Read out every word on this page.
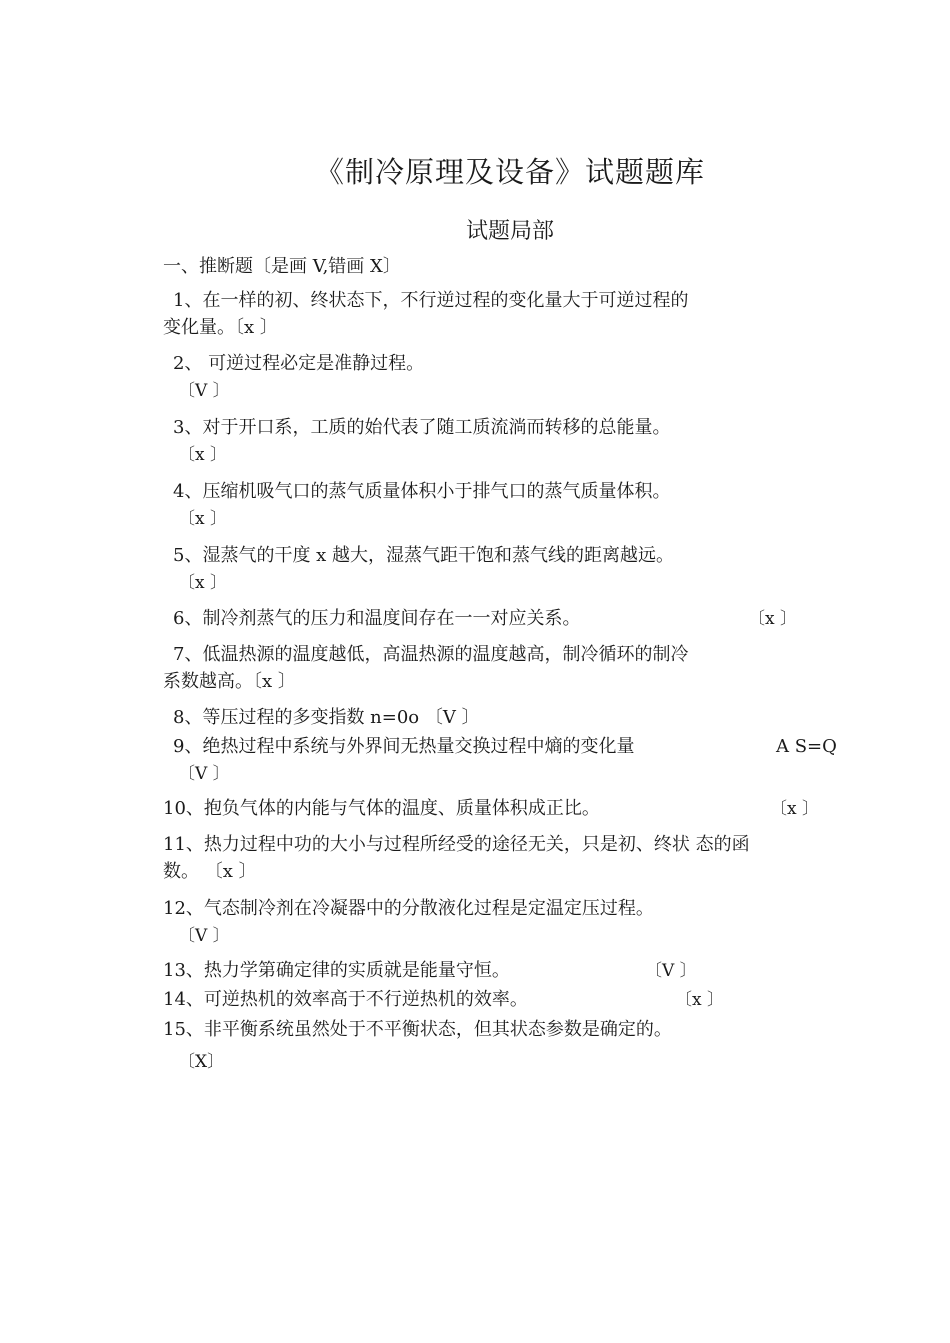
《制冷原理及设备》试题题库
试题局部
一、推断题〔是画 V,错画 X〕
1、在一样的初、终状态下，不行逆过程的变化量大于可逆过程的
变化量。〔x 〕
2、 可逆过程必定是准静过程。
〔V 〕
3、对于开口系，工质的始代表了随工质流淌而转移的总能量。
〔x 〕
4、压缩机吸气口的蒸气质量体积小于排气口的蒸气质量体积。
〔x 〕
5、湿蒸气的干度 x 越大，湿蒸气距干饱和蒸气线的距离越远。
〔x 〕
6、制冷剂蒸气的压力和温度间存在一一对应关系。	〔x 〕
7、低温热源的温度越低，高温热源的温度越高，制冷循环的制冷
系数越高。〔x 〕
8、等压过程的多变指数 n=0o 〔V 〕
9、绝热过程中系统与外界间无热量交换过程中熵的变化量	A S=Q
〔V 〕
10、抱负气体的内能与气体的温度、质量体积成正比。	〔x 〕
11、热力过程中功的大小与过程所经受的途径无关，只是初、终状 态的函
数。 〔x 〕
12、气态制冷剂在冷凝器中的分散液化过程是定温定压过程。
〔V 〕
13、热力学第确定律的实质就是能量守恒。	〔V 〕
14、可逆热机的效率高于不行逆热机的效率。	〔x 〕
15、非平衡系统虽然处于不平衡状态，但其状态参数是确定的。
〔X〕
